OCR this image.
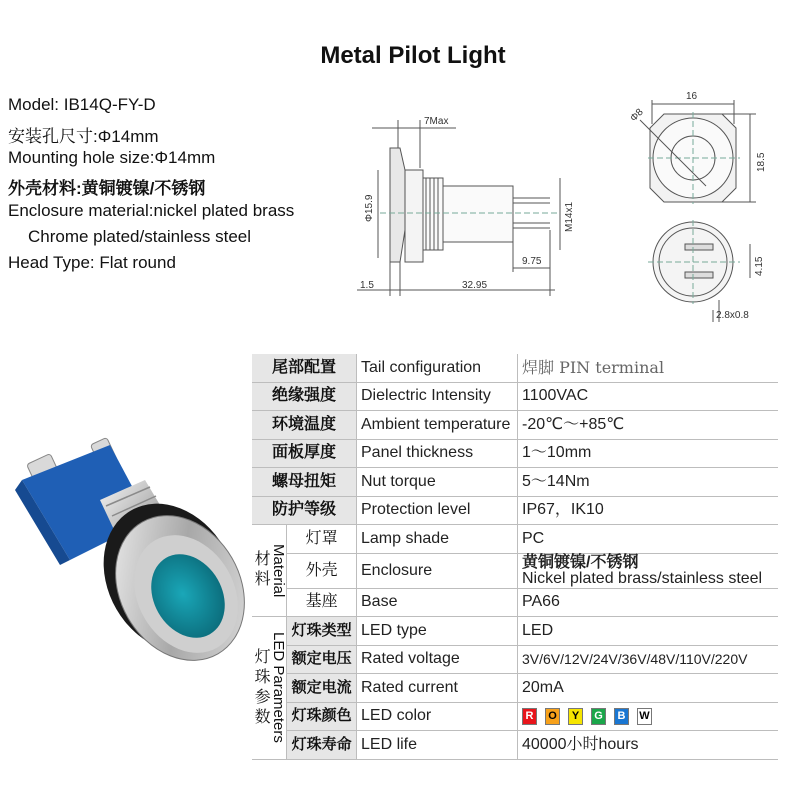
Metal Pilot Light
Model: IB14Q-FY-D
安装孔尺寸:Φ14mm
Mounting hole size:Φ14mm
外壳材料:黄铜镀镍/不锈钢
Enclosure material:nickel plated brass
Chrome plated/stainless steel
Head Type: Flat round
7Max
Φ15.9	M14x1
9.75
1.5	32.95
16
Φ8
18.5
4.15
2.8x0.8
尾部配置		Tail configuration	焊脚 PIN terminal
绝缘强度		Dielectric Intensity	1100VAC
环境温度		Ambient temperature	-20℃～+85℃
面板厚度		Panel thickness	1～10mm
螺母扭矩		Nut torque	5～14Nm
防护等级		Protection level	IP67，IK10

材料 Material	灯罩	Lamp shade	PC
	外壳	Enclosure	黄铜镀镍/不锈钢
Nickel plated brass/stainless steel

	基座	Base	PA66

灯珠参数 LED Parameters	灯珠类型	LED type	LED
	额定电压	Rated voltage	3V/6V/12V/24V/36V/48V/110V/220V
	额定电流	Rated current	20mA
	灯珠颜色	LED color	R O Y G B W
	灯珠寿命	LED life	40000小时hours
